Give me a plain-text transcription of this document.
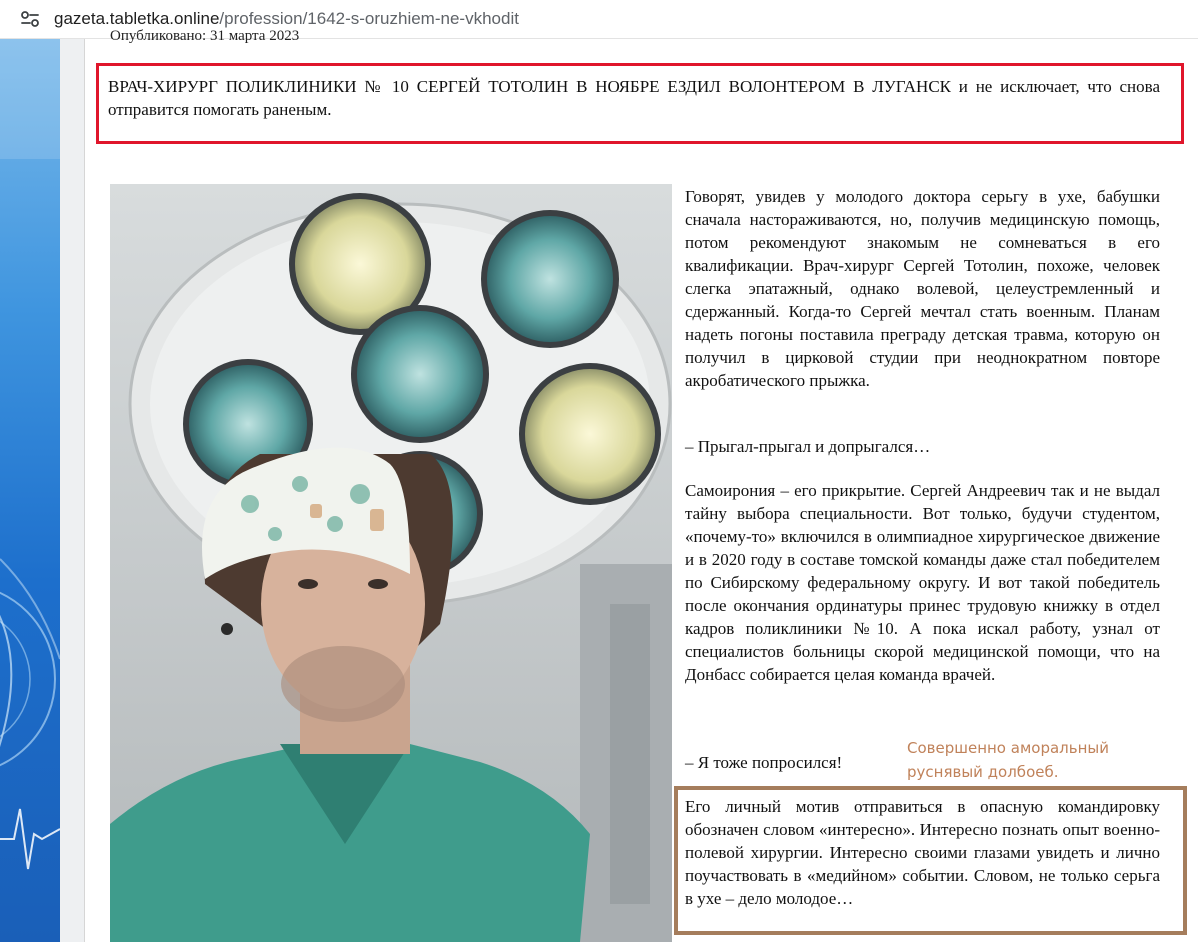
gazeta.tabletka.online/profession/1642-s-oruzhiem-ne-vkhodit
Опубликовано: 31 марта 2023
ВРАЧ-ХИРУРГ ПОЛИКЛИНИКИ № 10 СЕРГЕЙ ТОТОЛИН В НОЯБРЕ ЕЗДИЛ ВОЛОНТЕРОМ В ЛУГАНСК и не исключает, что снова отправится помогать раненым.
Говорят, увидев у молодого доктора серьгу в ухе, бабушки сначала настораживаются, но, получив медицинскую помощь, потом рекомендуют знакомым не сомневаться в его квалификации. Врач-хирург Сергей Тотолин, похоже, человек слегка эпатажный, однако волевой, целеустремленный и сдержанный. Когда-то Сергей мечтал стать военным. Планам надеть погоны поставила преграду детская травма, которую он получил в цирковой студии при неоднократном повторе акробатического прыжка.
– Прыгал-прыгал и допрыгался…
Самоирония – его прикрытие. Сергей Андреевич так и не выдал тайну выбора специальности. Вот только, будучи студентом, «почему-то» включился в олимпиадное хирургическое движение и в 2020 году в составе томской команды даже стал победителем по Сибирскому федеральному округу. И вот такой победитель после окончания ординатуры принес трудовую книжку в отдел кадров поликлиники №10. А пока искал работу, узнал от специалистов больницы скорой медицинской помощи, что на Донбасс собирается целая команда врачей.
– Я тоже попросился!
Совершенно аморальный руснявый долбоеб.
Его личный мотив отправиться в опасную командировку обозначен словом «интересно». Интересно познать опыт военно-полевой хирургии. Интересно своими глазами увидеть и лично поучаствовать в «медийном» событии. Словом, не только серьга в ухе – дело молодое…
